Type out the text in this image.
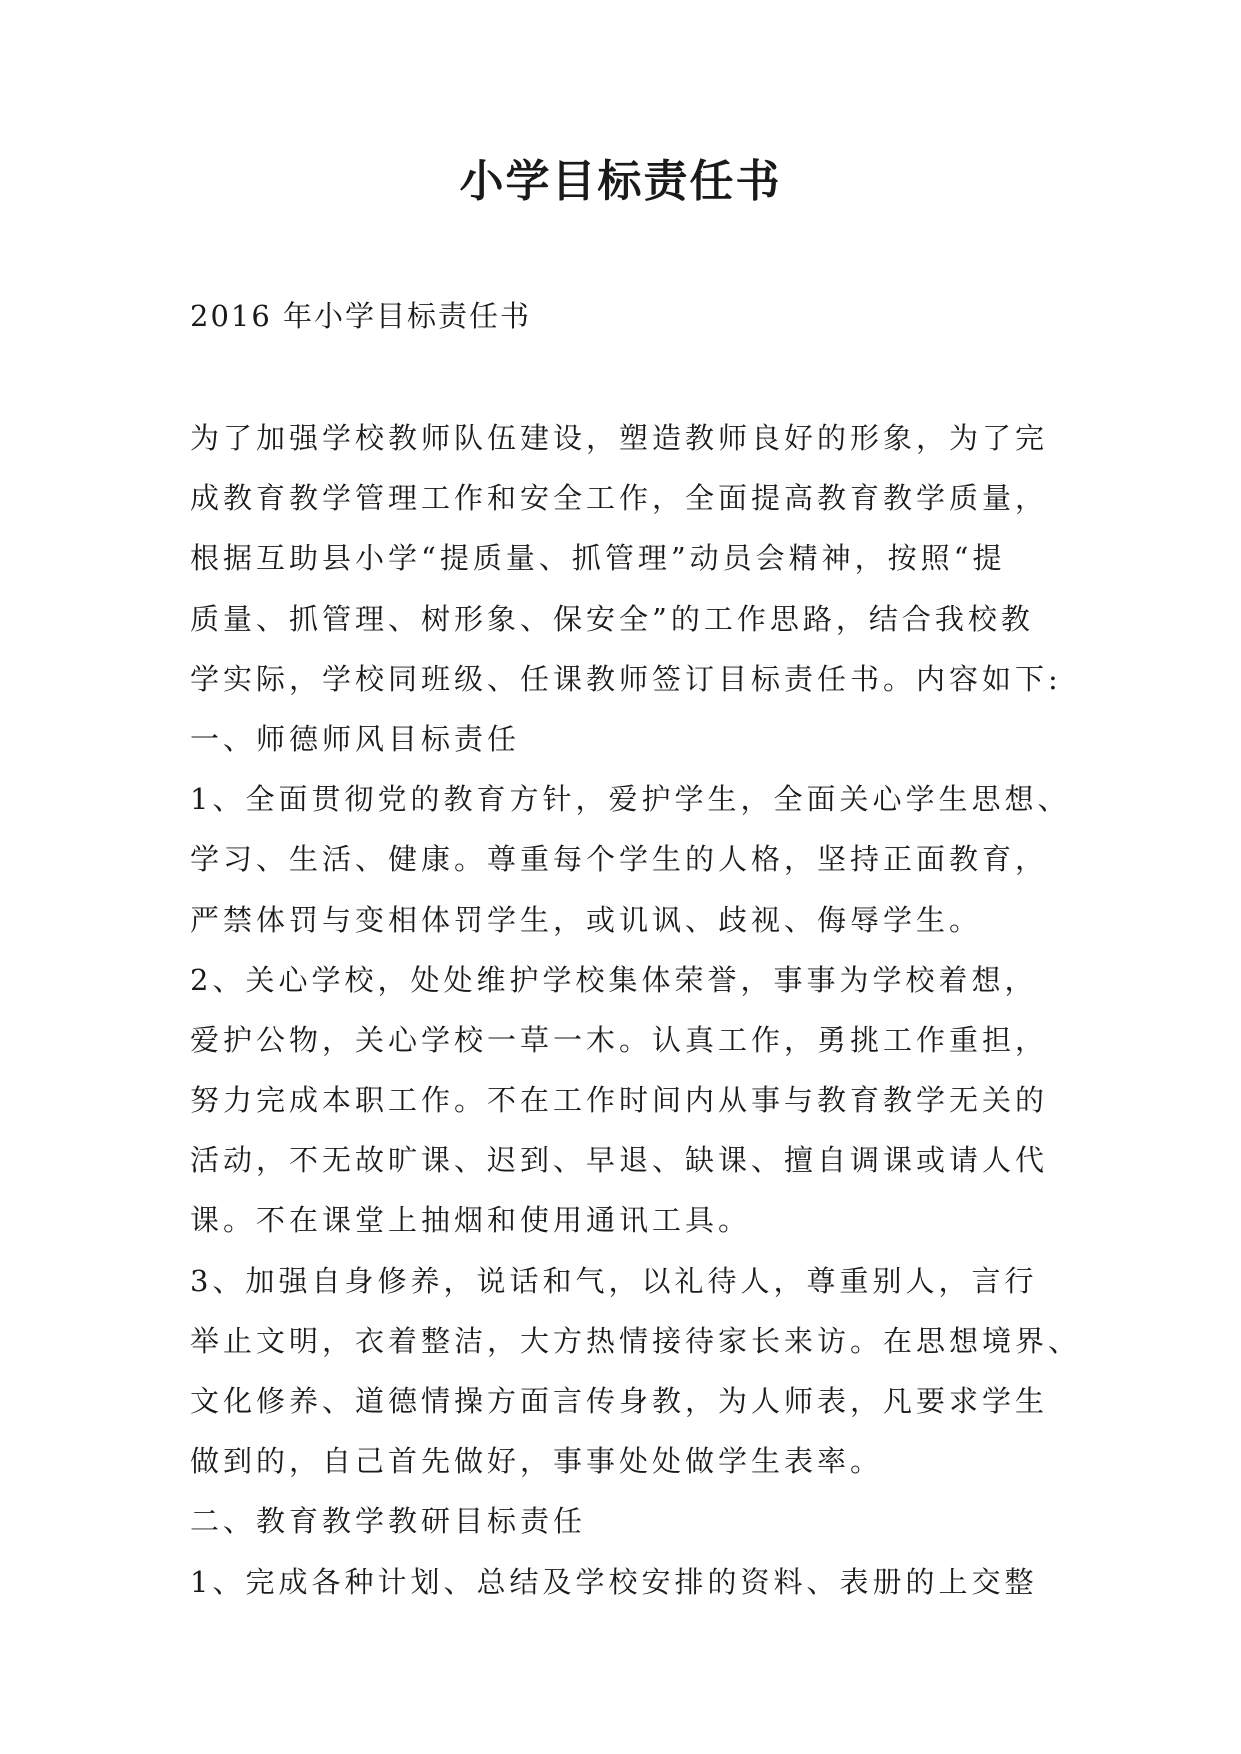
小学目标责任书

2016 年小学目标责任书

为了加强学校教师队伍建设，塑造教师良好的形象，为了完
成教育教学管理工作和安全工作，全面提高教育教学质量，
根据互助县小学“提质量、抓管理”动员会精神，按照“提
质量、抓管理、树形象、保安全”的工作思路，结合我校教
学实际，学校同班级、任课教师签订目标责任书。内容如下:
一、师德师风目标责任
1、全面贯彻党的教育方针，爱护学生，全面关心学生思想、
学习、生活、健康。尊重每个学生的人格，坚持正面教育，
严禁体罚与变相体罚学生，或讥讽、歧视、侮辱学生。
2、关心学校，处处维护学校集体荣誉，事事为学校着想，
爱护公物，关心学校一草一木。认真工作，勇挑工作重担，
努力完成本职工作。不在工作时间内从事与教育教学无关的
活动，不无故旷课、迟到、早退、缺课、擅自调课或请人代
课。不在课堂上抽烟和使用通讯工具。
3、加强自身修养，说话和气，以礼待人，尊重别人，言行
举止文明，衣着整洁，大方热情接待家长来访。在思想境界、
文化修养、道德情操方面言传身教，为人师表，凡要求学生
做到的，自己首先做好，事事处处做学生表率。
二、教育教学教研目标责任
1、完成各种计划、总结及学校安排的资料、表册的上交整
